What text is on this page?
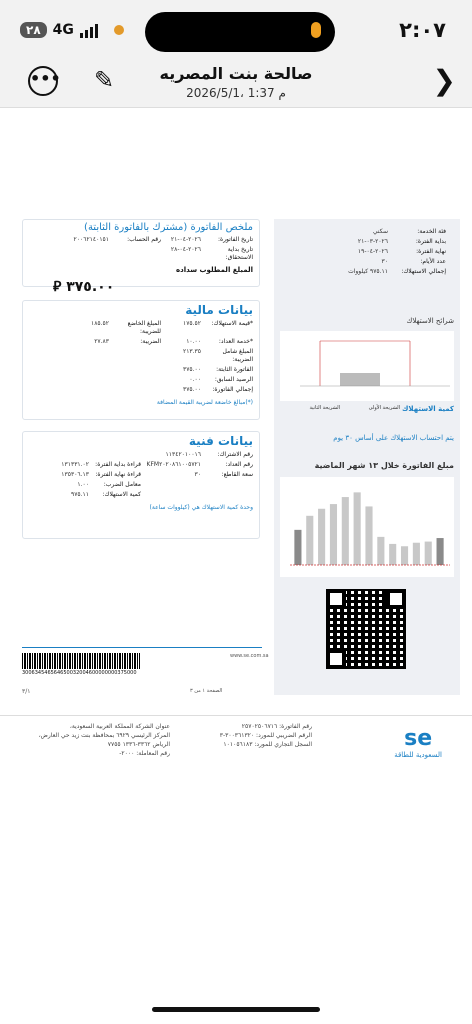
٢٨ 4G	٢:٠٧
••• ✎	صالحة بنت المصريه
2026/5/1، 1:37 م	❯
ملخص الفاتورة (مشترك بالفاتورة الثابتة)
تاريخ الفاتورة:
٢٠٢٦-٠٤-٢١
رقم الحساب:
٢٠٠٦٢١٤٠١٥١
تاريخ بداية الاستحقاق:
٢٠٢٦-٠٤-٢٨
المبلغ المطلوب سداده
⃁ ٣٧٥.٠٠
بيانات مالية
*قيمة الاستهلاك:
١٧٥.٥٢
المبلغ الخاضع للضريبة:
١٨٥.٥٢
*خدمة العداد:
١٠.٠٠
الضريبة:
٢٧.٨٣
المبلغ شامل الضريبة:
٢١٣.٣٥
الفاتورة الثابتة:
٣٧٥.٠٠
الرصيد السابق:
٠.٠٠
إجمالي الفاتورة:
٣٧٥.٠٠
(*)مبالغ خاضعة لضريبة القيمة المضافة
بيانات فنية
رقم الاشتراك:
١١٣٤٢٠١٠٠١٦
رقم العداد:
KFM٢٠٢٠٨٦١٠٠٥٧٢١
قراءة بداية الفترة:
١٣١٣٣١.٠٢
سعة القاطع:
٣٠
قراءة نهاية الفترة:
١٣٥٣٠٦.١٣
معامل الضرب:
١.٠٠
كمية الاستهلاك:
٩٧٥.١١
وحدة كمية الاستهلاك هي (كيلووات ساعة)
300634546564650032004600000000375000
www.se.com.sa
الصفحة ١ من ٣
٣/١
فئة الخدمة:
سكني
بداية الفترة:
٢٠٢٦-٠٣-٢١
نهاية الفترة:
٢٠٢٦-٠٤-١٩
عدد الأيام:
٣٠
إجمالي الاستهلاك:
٩٧٥.١١ كيلووات
شرائح الاستهلاك
كمية الاستهلاك
الشريحة الأولى
الشريحة الثانية
يتم احتساب الاستهلاك على أساس ٣٠ يوم
مبلغ الفاتورة خلال ١٣ شهر الماضية
se
السعودية للطاقة
رقم الفاتورة: ٢٥٧٠٢٥٠٦٧١٦
الرقم الضريبي للمورد: ٣٠٠٣٦١٣٢٠-٣
السجل التجاري للمورد: ١٠١٠٥٦١٨٣
عنوان الشركة المملكة العربية السعودية،
المركز الرئيسي ٦٩٢٩ بمحافظة بنت زيد حي العارض،
الرياض ٣٣٦٢-١٣٣٦ ٧٧٥٥
رقم المعاملة: ٢٠٠٠-
